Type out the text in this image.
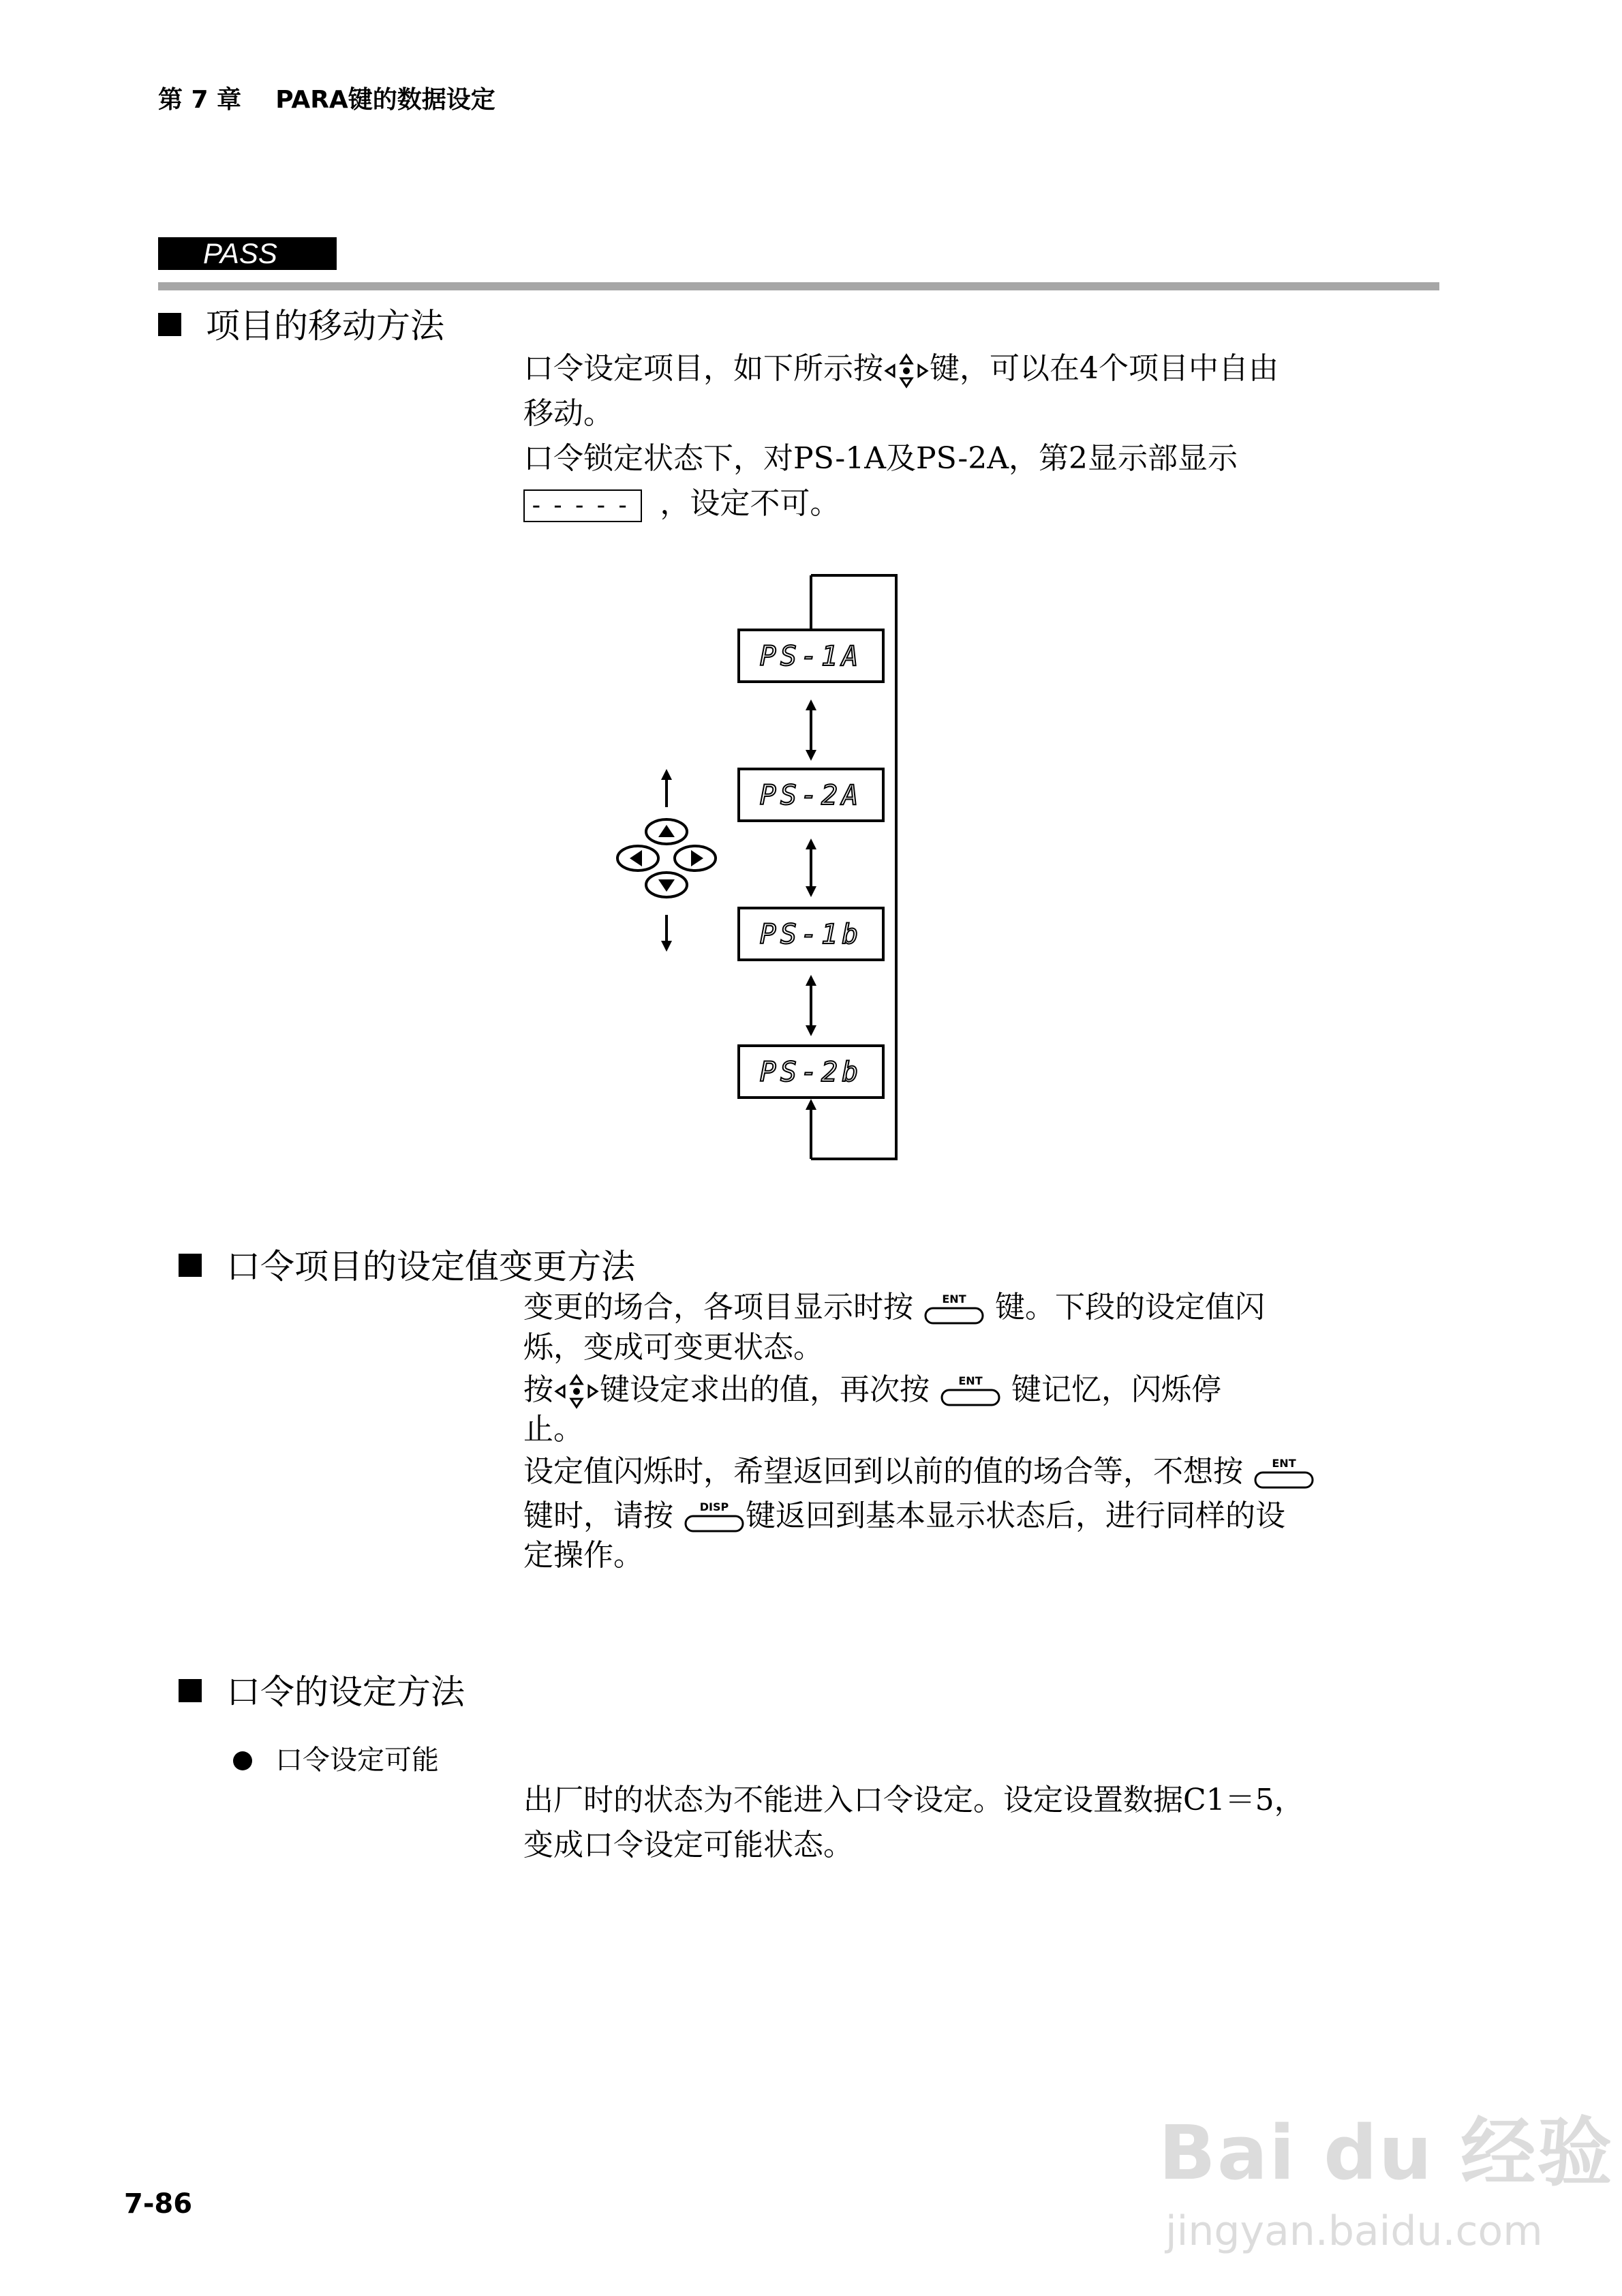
第 7 章 PARA键的数据设定
PASS
项目的移动方法

口令设定项目，如下所示按 键，可以在4个项目中自由

移动。

口令锁定状态下，对PS-1A及PS-2A，第2显示部显示

----- ，设定不可。

PS-1A
PS-2A
PS-1b
PS-2b
口令项目的设定值变更方法

变更的场合，各项目显示时按	ENT 键。下段的设定值闪

烁，变成可变更状态。

按 键设定求出的值，再次按	ENT 键记忆，闪烁停

止。

设定值闪烁时，希望返回到以前的值的场合等，不想按	ENT

键时，请按 DISP 键返回到基本显示状态后，进行同样的设

定操作。

口令的设定方法
口令设定可能

出厂时的状态为不能进入口令设定。设定设置数据C1＝5，

变成口令设定可能状态。

Bai du 经验
jingyan.baidu.com
7-86
